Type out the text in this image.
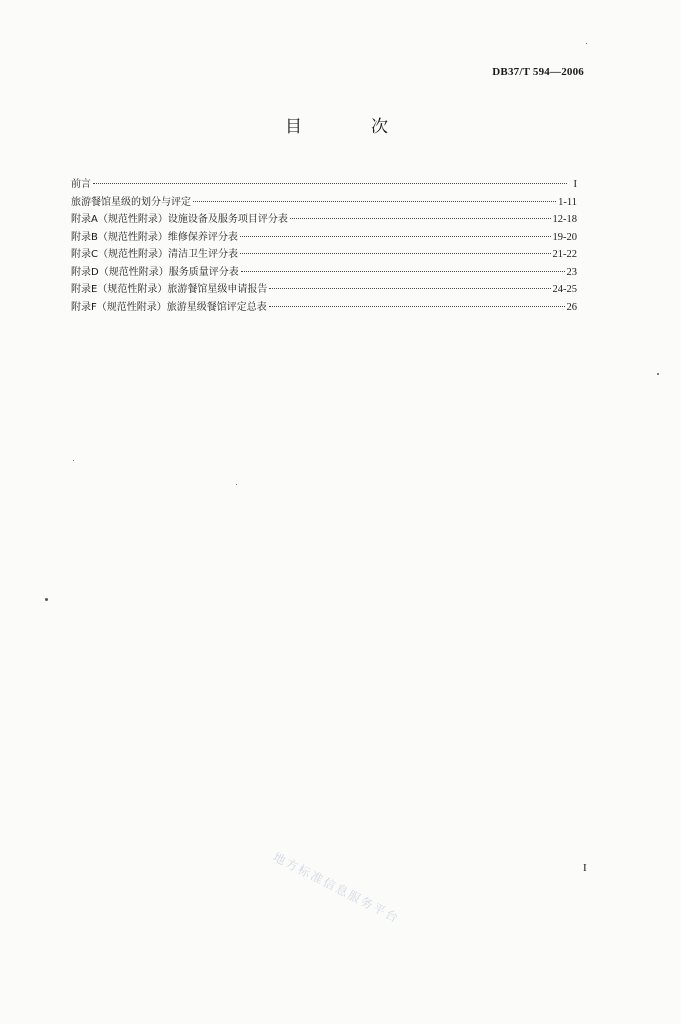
DB37/T 594—2006
目　次
前言	I
旅游餐馆星级的划分与评定	1-11
附录A（规范性附录）设施设备及服务项目评分表	12-18
附录B（规范性附录）维修保养评分表	19-20
附录C（规范性附录）清洁卫生评分表	21-22
附录D（规范性附录）服务质量评分表	23
附录E（规范性附录）旅游餐馆星级申请报告	24-25
附录F（规范性附录）旅游星级餐馆评定总表	26
地方标准信息服务平台	I
